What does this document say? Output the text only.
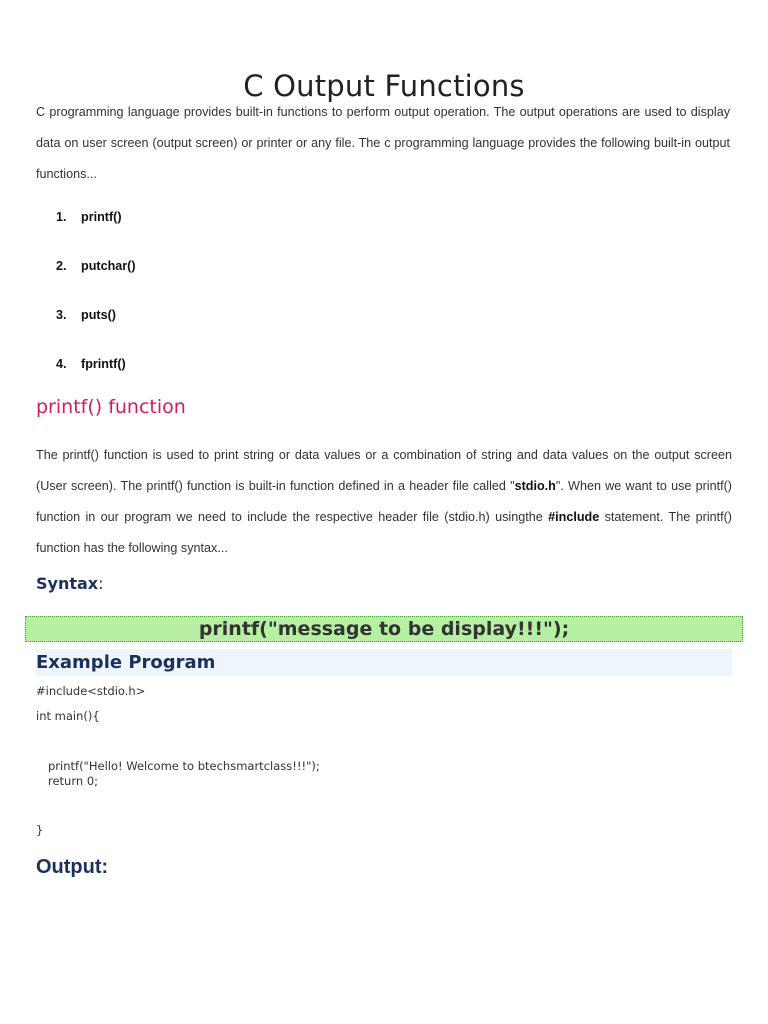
C Output Functions

C programming language provides built-in functions to perform output operation. The output operations are used to display data on user screen (output screen) or printer or any file. The c programming language provides the following built-in output functions...

1.	printf()
2.	putchar()
3.	puts()
4.	fprintf()
printf() function

The printf() function is used to print string or data values or a combination of string and data values on the output screen (User screen). The printf() function is built-in function defined in a header file called "stdio.h". When we want to use printf() function in our program we need to include the respective header file (stdio.h) usingthe #include statement. The printf() function has the following syntax...

Syntax:
printf("message to be display!!!");
Example Program
#include<stdio.h>
int main(){
printf("Hello! Welcome to btechsmartclass!!!");
return 0;
}
Output:
